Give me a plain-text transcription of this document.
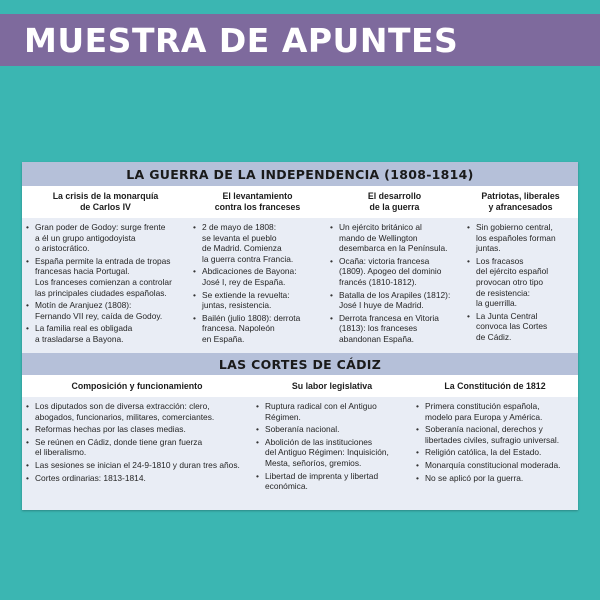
MUESTRA DE APUNTES
LA GUERRA DE LA INDEPENDENCIA (1808-1814)
La crisis de la monarquía
de Carlos IV
El levantamiento
contra los franceses
El desarrollo
de la guerra
Patriotas, liberales
y afrancesados
• Gran poder de Godoy: surge frente
a él un grupo antigodoyista
o aristocrático.
• España permite la entrada de tropas
francesas hacia Portugal.
Los franceses comienzan a controlar
las principales ciudades españolas.
• Motín de Aranjuez (1808):
Fernando VII rey, caída de Godoy.
• La familia real es obligada
a trasladarse a Bayona.
• 2 de mayo de 1808:
se levanta el pueblo
de Madrid. Comienza
la guerra contra Francia.
• Abdicaciones de Bayona:
José I, rey de España.
• Se extiende la revuelta:
juntas, resistencia.
• Bailén (julio 1808): derrota
francesa. Napoleón
en España.
• Un ejército británico al
mando de Wellington
desembarca en la Península.
• Ocaña: victoria francesa
(1809). Apogeo del dominio
francés (1810-1812).
• Batalla de los Arapiles (1812):
José I huye de Madrid.
• Derrota francesa en Vitoria
(1813): los franceses
abandonan España.
• Sin gobierno central,
los españoles forman
juntas.
• Los fracasos
del ejército español
provocan otro tipo
de resistencia:
la guerrilla.
• La Junta Central
convoca las Cortes
de Cádiz.
LAS CORTES DE CÁDIZ
Composición y funcionamiento	Su labor legislativa	La Constitución de 1812
• Los diputados son de diversa extracción: clero,
abogados, funcionarios, militares, comerciantes.
• Reformas hechas por las clases medias.
• Se reúnen en Cádiz, donde tiene gran fuerza
el liberalismo.
• Las sesiones se inician el 24-9-1810 y duran tres años.
• Cortes ordinarias: 1813-1814.
• Ruptura radical con el Antiguo
Régimen.
• Soberanía nacional.
• Abolición de las instituciones
del Antiguo Régimen: Inquisición,
Mesta, señoríos, gremios.
• Libertad de imprenta y libertad
económica.
• Primera constitución española,
modelo para Europa y América.
• Soberanía nacional, derechos y
libertades civiles, sufragio universal.
• Religión católica, la del Estado.
• Monarquía constitucional moderada.
• No se aplicó por la guerra.
